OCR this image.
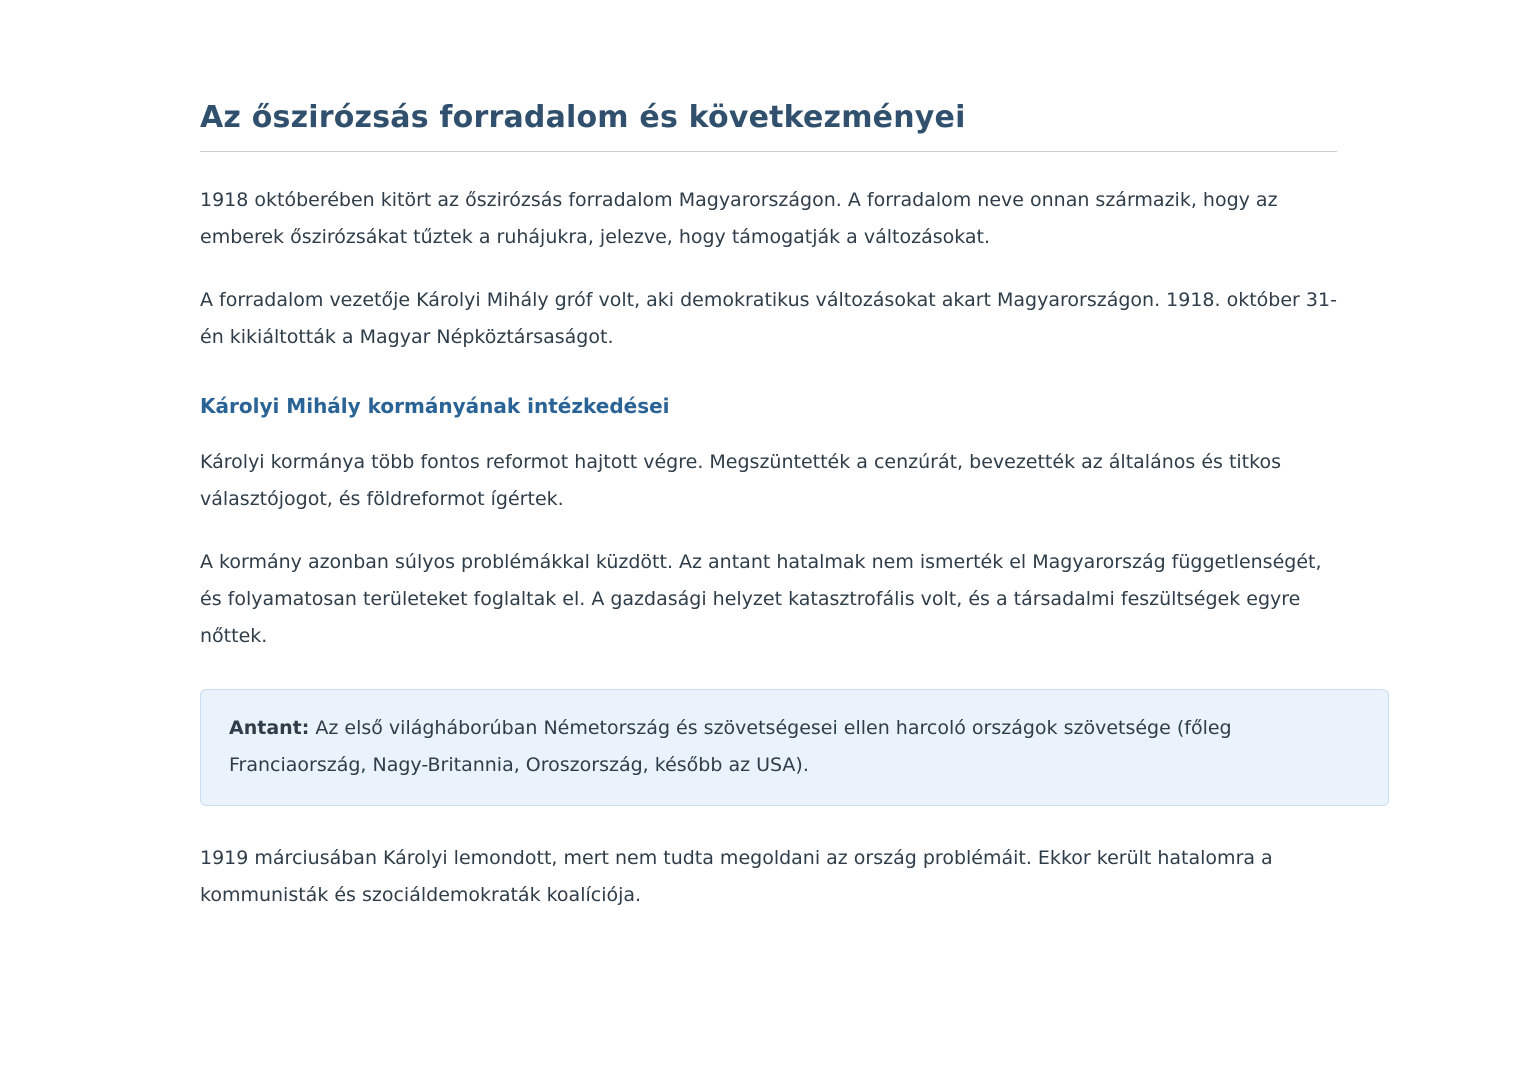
Az őszirózsás forradalom és következményei

1918 októberében kitört az őszirózsás forradalom Magyarországon. A forradalom neve onnan származik, hogy az emberek őszirózsákat tűztek a ruhájukra, jelezve, hogy támogatják a változásokat.

A forradalom vezetője Károlyi Mihály gróf volt, aki demokratikus változásokat akart Magyarországon. 1918. október 31-én kikiáltották a Magyar Népköztársaságot.

Károlyi Mihály kormányának intézkedései

Károlyi kormánya több fontos reformot hajtott végre. Megszüntették a cenzúrát, bevezették az általános és titkos választójogot, és földreformot ígértek.

A kormány azonban súlyos problémákkal küzdött. Az antant hatalmak nem ismerték el Magyarország függetlenségét, és folyamatosan területeket foglaltak el. A gazdasági helyzet katasztrofális volt, és a társadalmi feszültségek egyre nőttek.

Antant: Az első világháborúban Németország és szövetségesei ellen harcoló országok szövetsége (főleg Franciaország, Nagy-Britannia, Oroszország, később az USA).

1919 márciusában Károlyi lemondott, mert nem tudta megoldani az ország problémáit. Ekkor került hatalomra a kommunisták és szociáldemokraták koalíciója.
